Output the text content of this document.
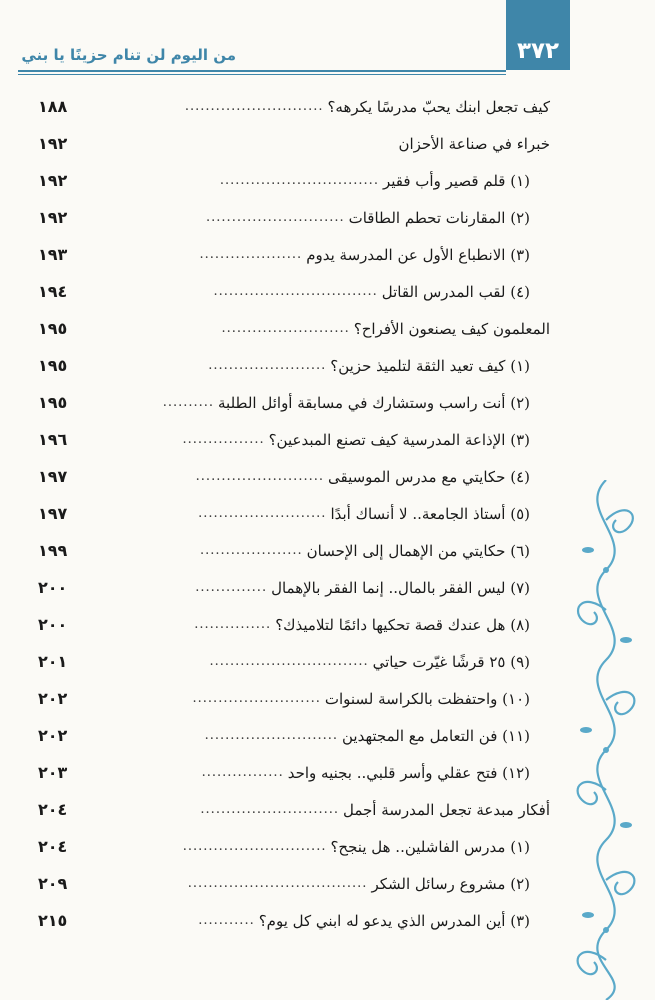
٣٧٢
من اليوم لن تنام حزينًا يا بني
كيف تجعل ابنك يحبّ مدرسًا يكرهه؟
...........................
١٨٨
خبراء في صناعة الأحزان
١٩٢
(١) قلم قصير وأب فقير
...............................
١٩٢
(٢) المقارنات تحطم الطاقات
...........................
١٩٢
(٣) الانطباع الأول عن المدرسة يدوم
....................
١٩٣
(٤) لقب المدرس القاتل
................................
١٩٤
المعلمون كيف يصنعون الأفراح؟
.........................
١٩٥
(١) كيف تعيد الثقة لتلميذ حزين؟
.......................
١٩٥
(٢) أنت راسب وستشارك في مسابقة أوائل الطلبة
..........
١٩٥
(٣) الإذاعة المدرسية كيف تصنع المبدعين؟
................
١٩٦
(٤) حكايتي مع مدرس الموسيقى
.........................
١٩٧
(٥) أستاذ الجامعة.. لا أنساك أبدًا
.........................
١٩٧
(٦) حكايتي من الإهمال إلى الإحسان
....................
١٩٩
(٧) ليس الفقر بالمال.. إنما الفقر بالإهمال
..............
٢٠٠
(٨) هل عندك قصة تحكيها دائمًا لتلاميذك؟
...............
٢٠٠
(٩) ٢٥ قرشًا غيّرت حياتي
...............................
٢٠١
(١٠) واحتفظت بالكراسة لسنوات
.........................
٢٠٢
(١١) فن التعامل مع المجتهدين
..........................
٢٠٢
(١٢) فتح عقلي وأسر قلبي.. بجنيه واحد
................
٢٠٣
أفكار مبدعة تجعل المدرسة أجمل
...........................
٢٠٤
(١) مدرس الفاشلين.. هل ينجح؟
............................
٢٠٤
(٢) مشروع رسائل الشكر
...................................
٢٠٩
(٣) أين المدرس الذي يدعو له ابني كل يوم؟
...........
٢١٥
